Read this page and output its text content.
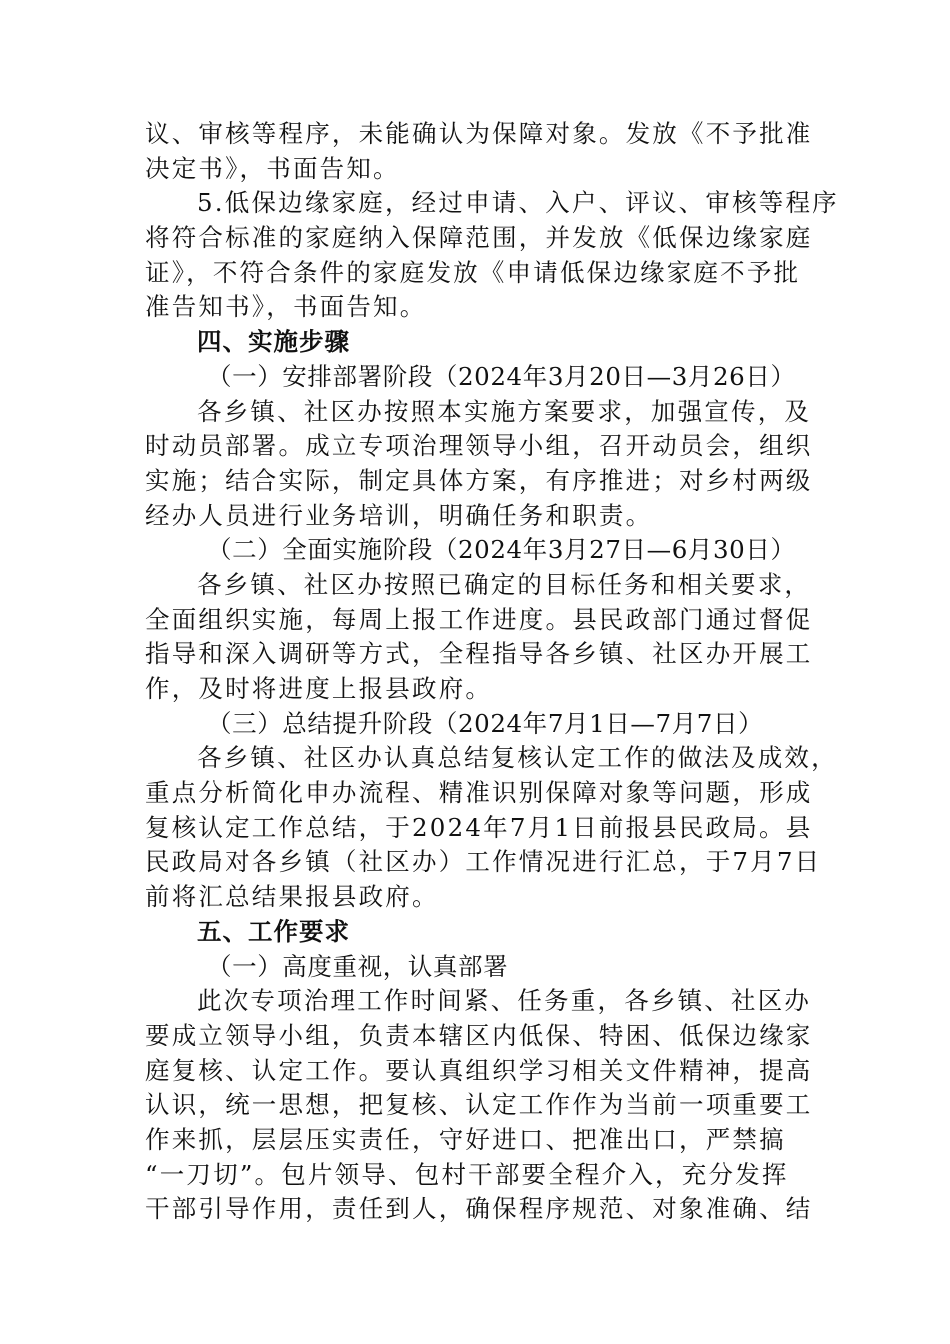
议、审核等程序，未能确认为保障对象。发放《不予批准
决定书》，书面告知。
5.低保边缘家庭，经过申请、入户、评议、审核等程序
将符合标准的家庭纳入保障范围，并发放《低保边缘家庭
证》，不符合条件的家庭发放《申请低保边缘家庭不予批
准告知书》，书面告知。
四、实施步骤
（一）安排部署阶段（2024年3月20日—3月26日）
各乡镇、社区办按照本实施方案要求，加强宣传，及
时动员部署。成立专项治理领导小组，召开动员会，组织
实施；结合实际，制定具体方案，有序推进；对乡村两级
经办人员进行业务培训，明确任务和职责。
（二）全面实施阶段（2024年3月27日—6月30日）
各乡镇、社区办按照已确定的目标任务和相关要求，
全面组织实施，每周上报工作进度。县民政部门通过督促
指导和深入调研等方式，全程指导各乡镇、社区办开展工
作，及时将进度上报县政府。
（三）总结提升阶段（2024年7月1日—7月7日）
各乡镇、社区办认真总结复核认定工作的做法及成效，
重点分析简化申办流程、精准识别保障对象等问题，形成
复核认定工作总结，于2024年7月1日前报县民政局。县
民政局对各乡镇（社区办）工作情况进行汇总，于7月7日
前将汇总结果报县政府。
五、工作要求
（一）高度重视，认真部署
此次专项治理工作时间紧、任务重，各乡镇、社区办
要成立领导小组，负责本辖区内低保、特困、低保边缘家
庭复核、认定工作。要认真组织学习相关文件精神，提高
认识，统一思想，把复核、认定工作作为当前一项重要工
作来抓，层层压实责任，守好进口、把准出口，严禁搞
“一刀切”。包片领导、包村干部要全程介入，充分发挥
干部引导作用，责任到人，确保程序规范、对象准确、结
